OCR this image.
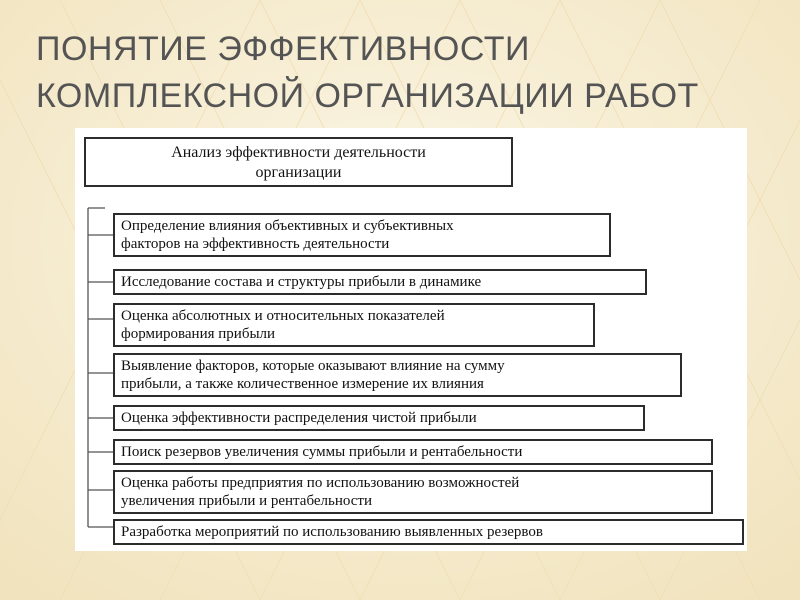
ПОНЯТИЕ ЭФФЕКТИВНОСТИ
КОМПЛЕКСНОЙ ОРГАНИЗАЦИИ РАБОТ
Анализ эффективности деятельности
организации
Определение влияния объективных и субъективных
факторов на эффективность деятельности
Исследование состава и структуры прибыли в динамике
Оценка абсолютных и относительных показателей
формирования прибыли
Выявление факторов, которые оказывают влияние на сумму
прибыли, а также количественное измерение их влияния
Оценка эффективности распределения чистой прибыли
Поиск резервов увеличения суммы прибыли и рентабельности
Оценка работы предприятия по использованию возможностей
увеличения прибыли и рентабельности
Разработка мероприятий по использованию выявленных резервов
